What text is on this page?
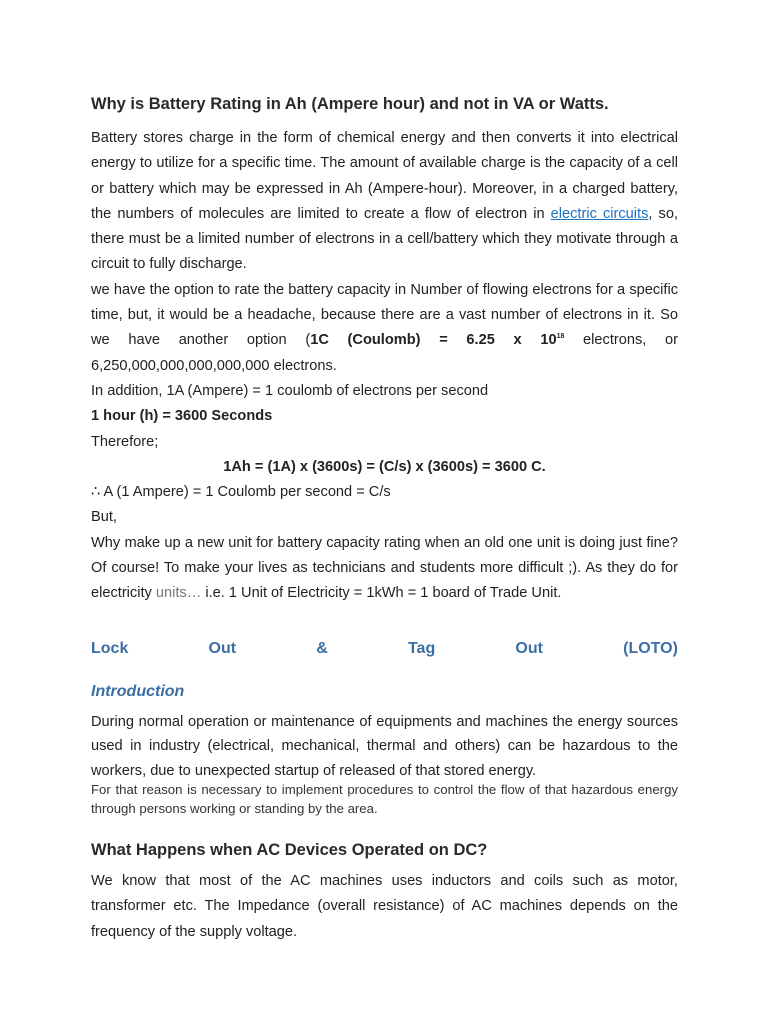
Why is Battery Rating in Ah (Ampere hour) and not in VA or Watts.

Battery stores charge in the form of chemical energy and then converts it into electrical energy to utilize for a specific time. The amount of available charge is the capacity of a cell or battery which may be expressed in Ah (Ampere-hour). Moreover, in a charged battery, the numbers of molecules are limited to create a flow of electron in electric circuits, so, there must be a limited number of electrons in a cell/battery which they motivate through a circuit to fully discharge.

we have the option to rate the battery capacity in Number of flowing electrons for a specific time, but, it would be a headache, because there are a vast number of electrons in it. So we have another option (1C (Coulomb) = 6.25 x $10^{18}$ electrons, or 6,250,000,000,000,000,000 electrons.

In addition, 1A (Ampere) = 1 coulomb of electrons per second

1 hour (h) = 3600 Seconds

Therefore;

1Ah = (1A) x (3600s) = (C/s) x (3600s) = 3600 C.

∴ A (1 Ampere) = 1 Coulomb per second = C/s

But,

Why make up a new unit for battery capacity rating when an old one unit is doing just fine? Of course! To make your lives as technicians and students more difficult ;). As they do for electricity units… i.e. 1 Unit of Electricity = 1kWh = 1 board of Trade Unit.

Lock	Out	&	Tag	Out	(LOTO)
Introduction

During normal operation or maintenance of equipments and machines the energy sources used in industry (electrical, mechanical, thermal and others) can be hazardous to the workers, due to unexpected startup of released of that stored energy.

For that reason is necessary to implement procedures to control the flow of that hazardous energy through persons working or standing by the area.

What Happens when AC Devices Operated on DC?

We know that most of the AC machines uses inductors and coils such as motor, transformer etc. The Impedance (overall resistance) of AC machines depends on the frequency of the supply voltage.
